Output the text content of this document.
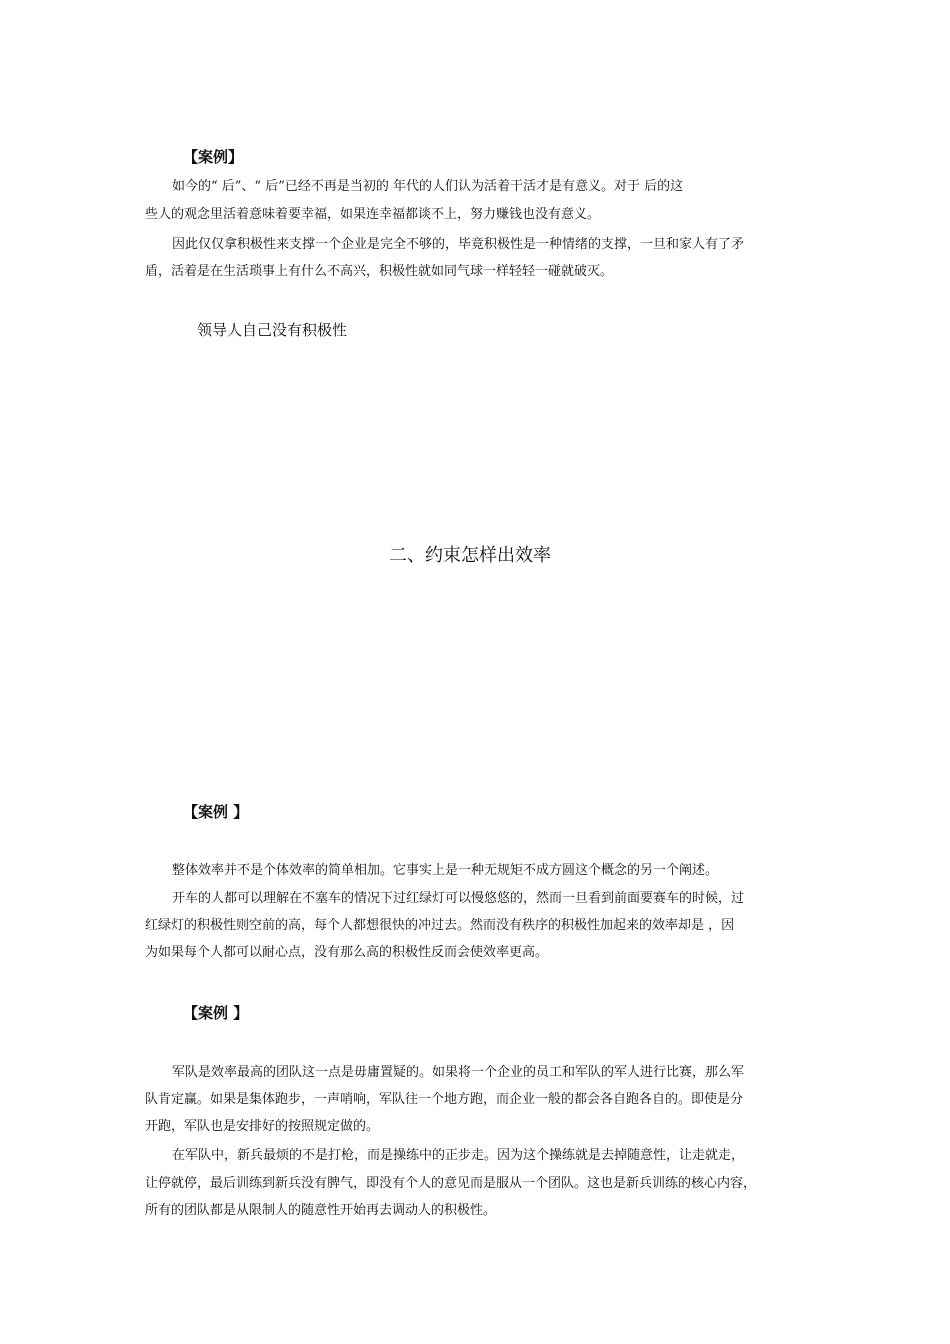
【案例】
如今的“ 后”、“ 后”已经不再是当初的 年代的人们认为活着干活才是有意义。对于 后的这
些人的观念里活着意味着要幸福，如果连幸福都谈不上，努力赚钱也没有意义。
因此仅仅拿积极性来支撑一个企业是完全不够的，毕竟积极性是一种情绪的支撑，一旦和家人有了矛
盾，活着是在生活琐事上有什么不高兴，积极性就如同气球一样轻轻一碰就破灭。
领导人自己没有积极性
二、约束怎样出效率
【案例 】
整体效率并不是个体效率的简单相加。它事实上是一种无规矩不成方圆这个概念的另一个阐述。
开车的人都可以理解在不塞车的情况下过红绿灯可以慢悠悠的，然而一旦看到前面要赛车的时候，过
红绿灯的积极性则空前的高，每个人都想很快的冲过去。然而没有秩序的积极性加起来的效率却是 ，因
为如果每个人都可以耐心点，没有那么高的积极性反而会使效率更高。
【案例 】
军队是效率最高的团队这一点是毋庸置疑的。如果将一个企业的员工和军队的军人进行比赛，那么军
队肯定赢。如果是集体跑步，一声哨响，军队往一个地方跑，而企业一般的都会各自跑各自的。即使是分
开跑，军队也是安排好的按照规定做的。
在军队中，新兵最烦的不是打枪，而是操练中的正步走。因为这个操练就是去掉随意性，让走就走，
让停就停，最后训练到新兵没有脾气，即没有个人的意见而是服从一个团队。这也是新兵训练的核心内容，
所有的团队都是从限制人的随意性开始再去调动人的积极性。
